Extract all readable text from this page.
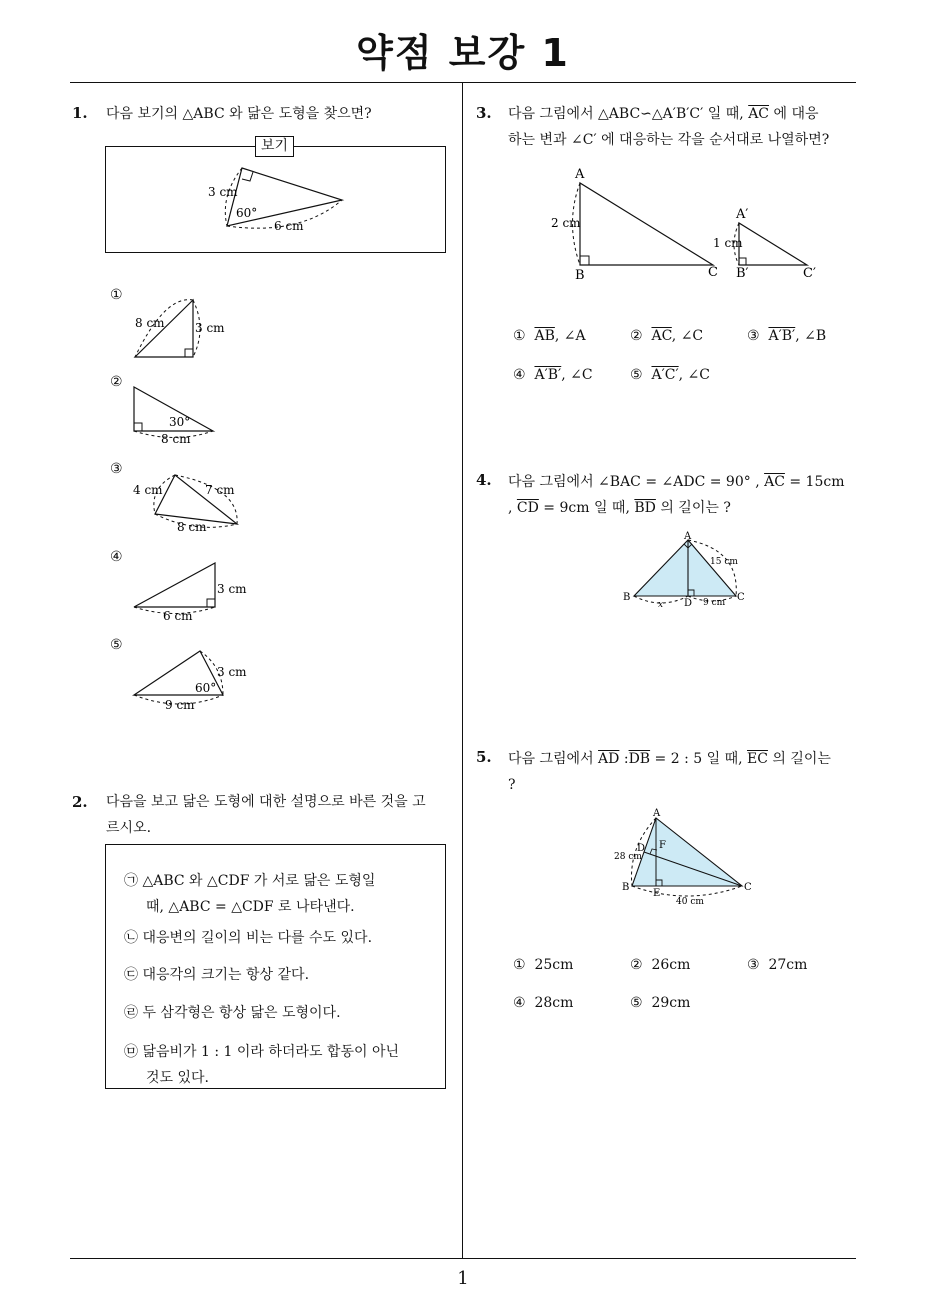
약점 보강 1
1
1. 다음 보기의 △ABC 와 닮은 도형을 찾으면?
보기
3 cm
60°
6 cm
①
8 cm	3 cm
②
30°
8 cm
③
4 cm	7 cm
8 cm
④
3 cm
6 cm
⑤
3 cm
60°
9 cm
2. 다음을 보고 닮은 도형에 대한 설명으로 바른 것을 고
르시오.
㉠ △ABC 와 △CDF 가 서로 닮은 도형일
때, △ABC = △CDF 로 나타낸다.
㉡ 대응변의 길이의 비는 다를 수도 있다.
㉢ 대응각의 크기는 항상 같다.
㉣ 두 삼각형은 항상 닮은 도형이다.
㉤ 닮음비가 1 : 1 이라 하더라도 합동이 아닌
것도 있다.
3. 다음 그림에서 △ABC∽△A′B′C′ 일 때, $\overline{AC}$ 에 대응
하는 변과 ∠C′ 에 대응하는 각을 순서대로 나열하면?
A
B	C
2 cm
A′
B′	C′
1 cm
① $\overline{AB}$, ∠A	② $\overline{AC}$, ∠C	③ A′B′, ∠B
④ A′B′, ∠C	⑤ A′C′, ∠C
4. 다음 그림에서 ∠BAC = ∠ADC = 90° , $\overline{AC} = 15cm$
, $\overline{CD} = 9cm$ 일 때, $\overline{BD}$ 의 길이는 ?
A
B	C
D
15 cm
9 cm
x
5. 다음 그림에서 $\overline{AD}$ $:\overline{DB} = 2$ : 5 일 때, $\overline{EC}$ 의 길이는
?
A
B	C
D
E
F
28 cm
40 cm
① 25cm	② 26cm	③ 27cm
④ 28cm	⑤ 29cm
